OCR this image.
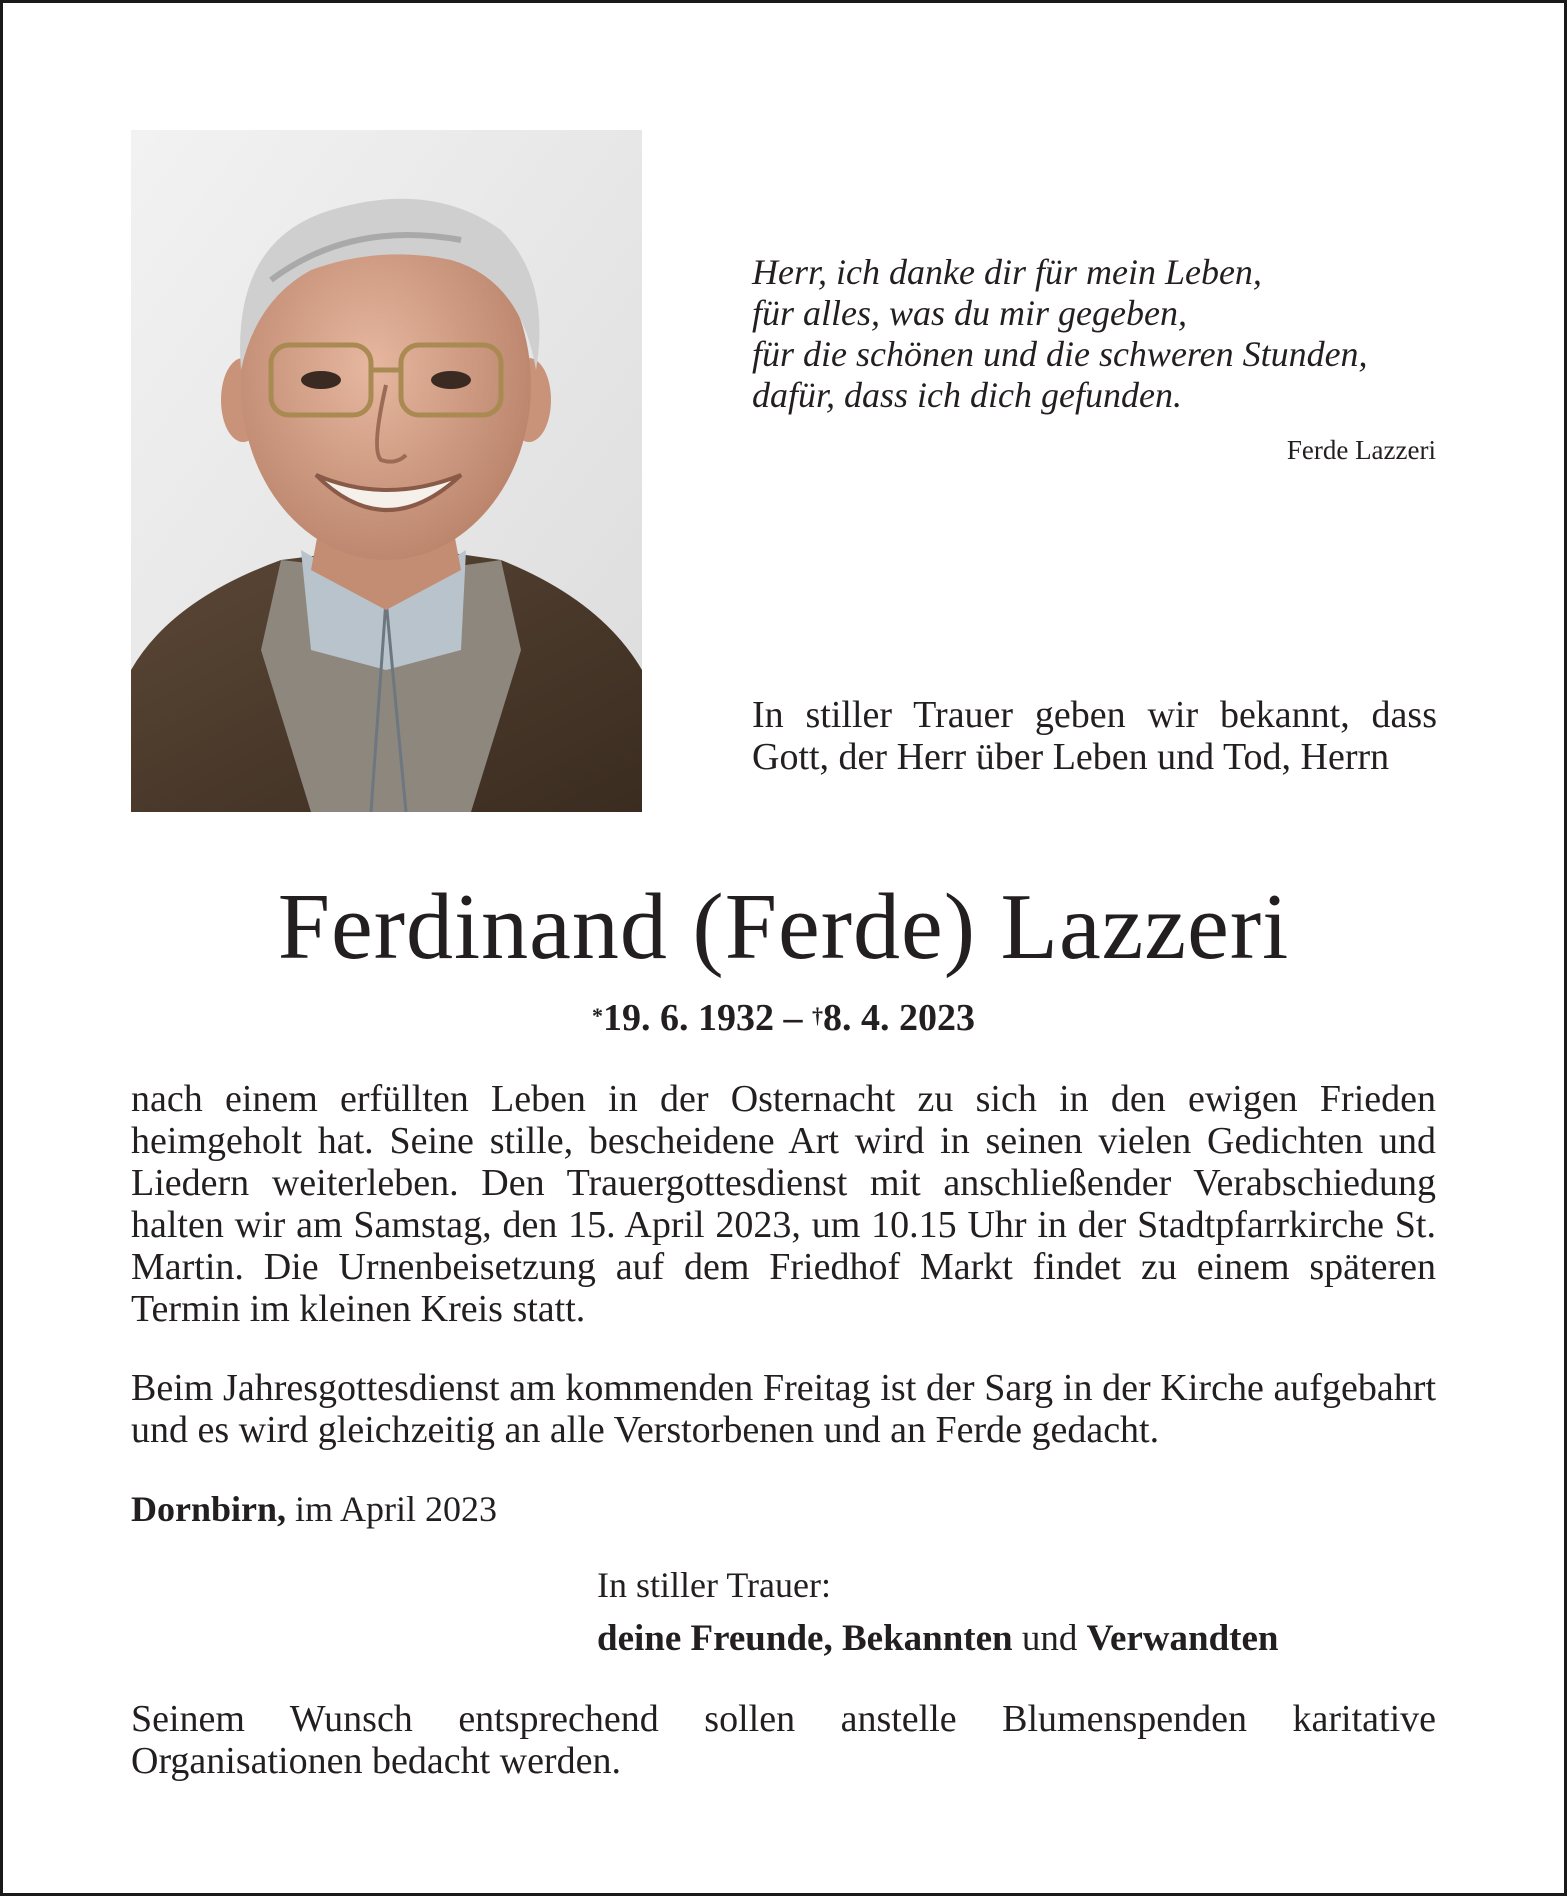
Herr, ich danke dir für mein Leben,
für alles, was du mir gegeben,
für die schönen und die schweren Stunden,
dafür, dass ich dich gefunden.
Ferde Lazzeri
In stiller Trauer geben wir bekannt, dass Gott, der Herr über Leben und Tod, Herrn
Ferdinand (Ferde) Lazzeri
*19. 6. 1932 – †8. 4. 2023

nach einem erfüllten Leben in der Osternacht zu sich in den ewigen Frieden heimgeholt hat. Seine stille, bescheidene Art wird in seinen vielen Gedichten und Liedern weiterleben. Den Trauergottesdienst mit anschließender Verabschiedung halten wir am Samstag, den 15. April 2023, um 10.15 Uhr in der Stadtpfarrkirche St. Martin. Die Urnenbeisetzung auf dem Friedhof Markt findet zu einem späteren Termin im kleinen Kreis statt.

Beim Jahresgottesdienst am kommenden Freitag ist der Sarg in der Kirche aufgebahrt und es wird gleichzeitig an alle Verstorbenen und an Ferde gedacht.

Dornbirn, im April 2023
In stiller Trauer:
deine Freunde, Bekannten und Verwandten

Seinem Wunsch entsprechend sollen anstelle Blumenspenden karitative Organisationen bedacht werden.
